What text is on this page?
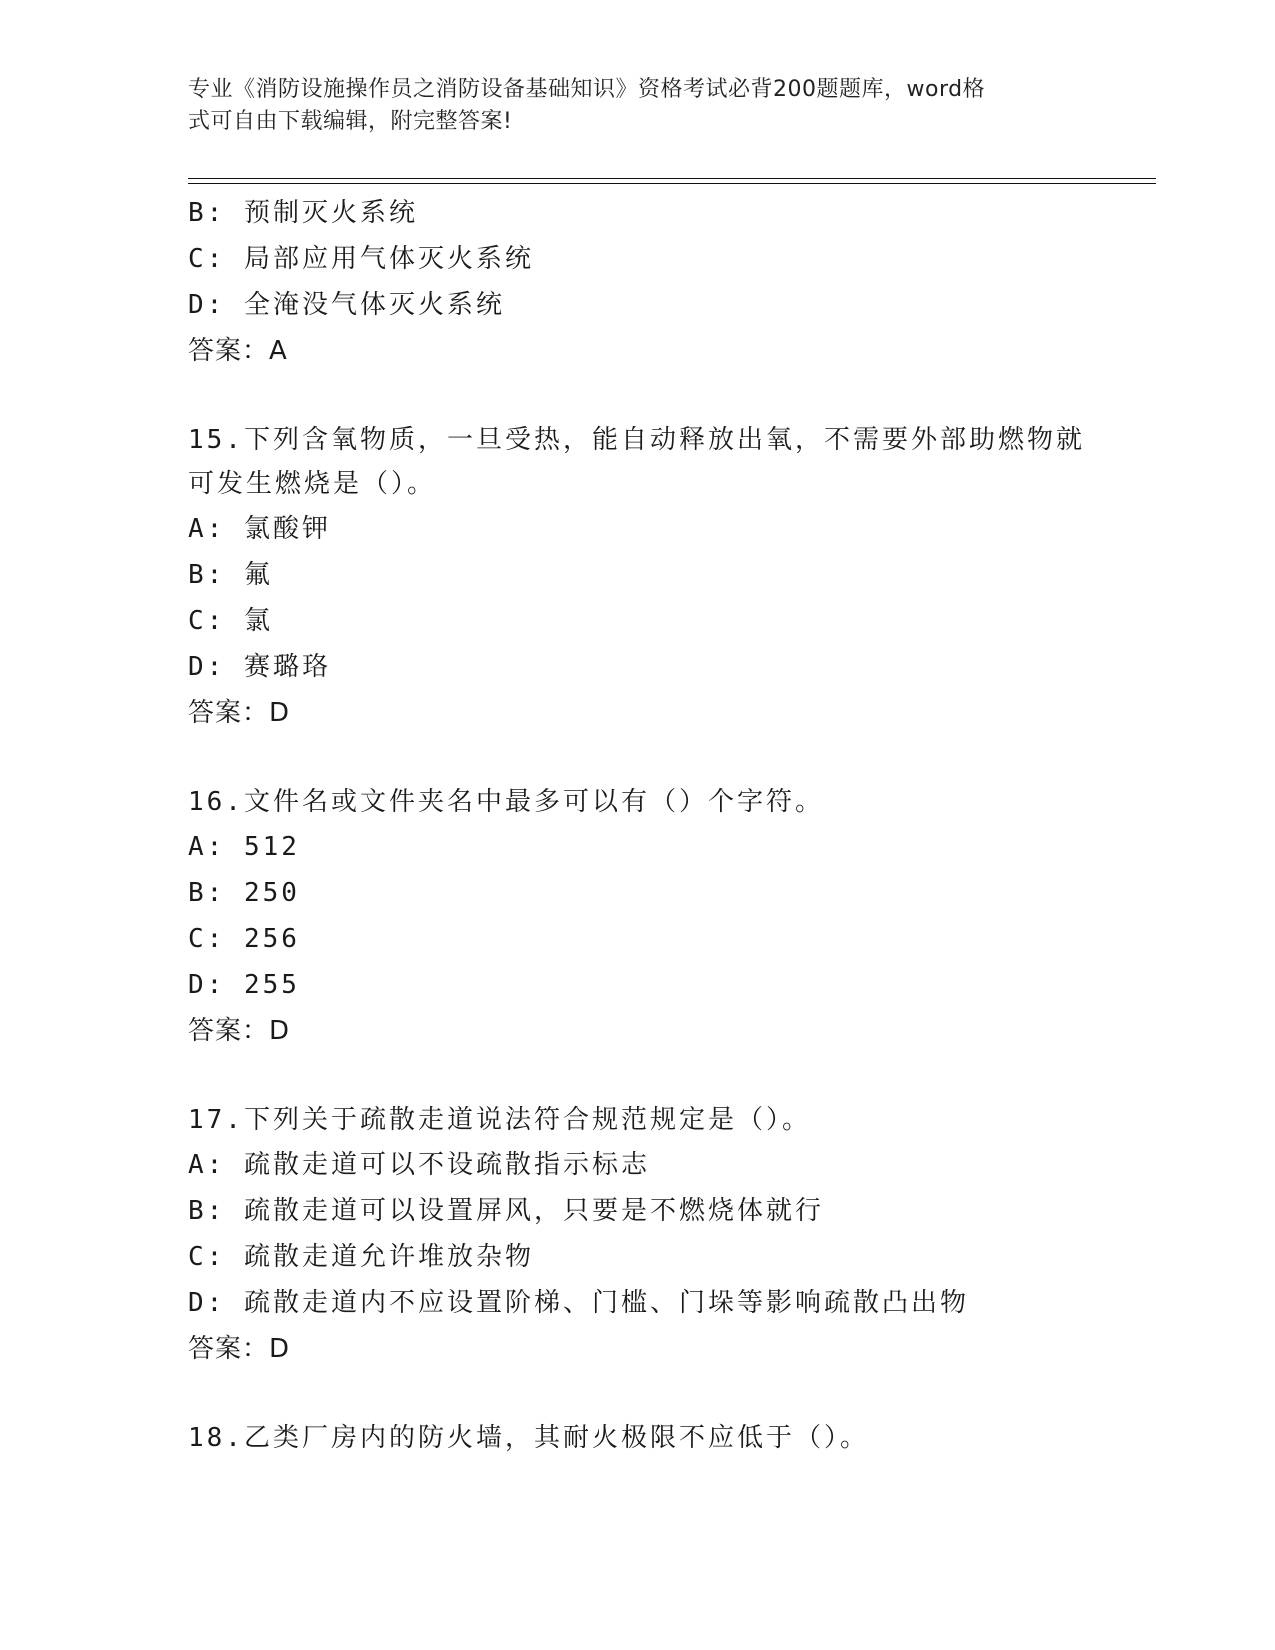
专业《消防设施操作员之消防设备基础知识》资格考试必背200题题库，word格
式可自由下载编辑，附完整答案!
B: 预制灭火系统
C: 局部应用气体灭火系统
D: 全淹没气体灭火系统
答案：A
15.下列含氧物质，一旦受热，能自动释放出氧，不需要外部助燃物就
可发生燃烧是（）。
A: 氯酸钾
B: 氟
C: 氯
D: 赛璐珞
答案：D
16.文件名或文件夹名中最多可以有（）个字符。
A: 512
B: 250
C: 256
D: 255
答案：D
17.下列关于疏散走道说法符合规范规定是（）。
A: 疏散走道可以不设疏散指示标志
B: 疏散走道可以设置屏风，只要是不燃烧体就行
C: 疏散走道允许堆放杂物
D: 疏散走道内不应设置阶梯、门槛、门垛等影响疏散凸出物
答案：D
18.乙类厂房内的防火墙，其耐火极限不应低于（）。
